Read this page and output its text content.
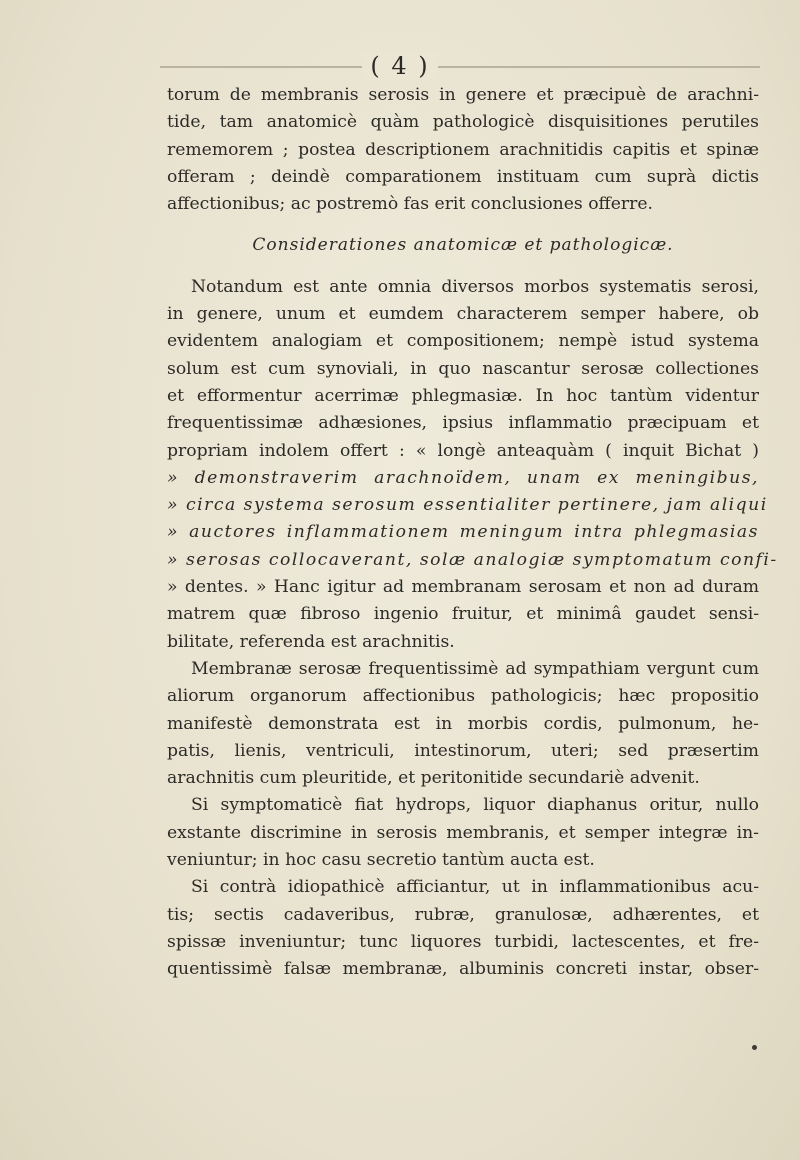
( 4 )
torum de membranis serosis in genere et præcipuè de arachni-
tide, tam anatomicè quàm pathologicè disquisitiones perutiles
rememorem ; postea descriptionem arachnitidis capitis et spinæ
offeram ; deindè comparationem instituam cum suprà dictis
affectionibus; ac postremò fas erit conclusiones offerre.
Considerationes anatomicæ et pathologicæ.
Notandum est ante omnia diversos morbos systematis serosi,
in genere, unum et eumdem characterem semper habere, ob
evidentem analogiam et compositionem; nempè istud systema
solum est cum synoviali, in quo nascantur serosæ collectiones
et efformentur acerrimæ phlegmasiæ. In hoc tantùm videntur
frequentissimæ adhæsiones, ipsius inflammatio præcipuam et
propriam indolem offert : « longè anteaquàm ( inquit Bichat )
» demonstraverim arachnoïdem, unam ex meningibus,
» circa systema serosum essentialiter pertinere, jam aliqui
» auctores inflammationem meningum intra phlegmasias
» serosas collocaverant, solæ analogiæ symptomatum confi-
» dentes. » Hanc igitur ad membranam serosam et non ad duram
matrem quæ fibroso ingenio fruitur, et minimâ gaudet sensi-
bilitate, referenda est arachnitis.
Membranæ serosæ frequentissimè ad sympathiam vergunt cum
aliorum organorum affectionibus pathologicis; hæc propositio
manifestè demonstrata est in morbis cordis, pulmonum, he-
patis, lienis, ventriculi, intestinorum, uteri; sed præsertim
arachnitis cum pleuritide, et peritonitide secundariè advenit.
Si symptomaticè fiat hydrops, liquor diaphanus oritur, nullo
exstante discrimine in serosis membranis, et semper integræ in-
veniuntur; in hoc casu secretio tantùm aucta est.
Si contrà idiopathicè afficiantur, ut in inflammationibus acu-
tis; sectis cadaveribus, rubræ, granulosæ, adhærentes, et
spissæ inveniuntur; tunc liquores turbidi, lactescentes, et fre-
quentissimè falsæ membranæ, albuminis concreti instar, obser-
